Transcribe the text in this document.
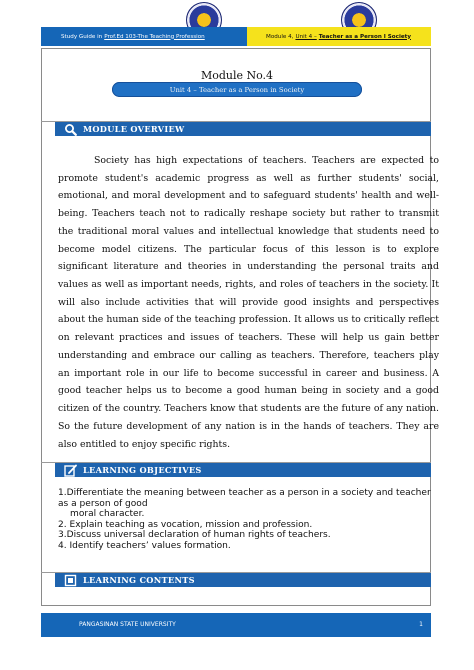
Study Guide in Prof.Ed 103-The Teaching Profession	Module 4, Unit 4 – Teacher as a Person I Society
Module No.4
Unit 4 – Teacher as a Person in Society
MODULE OVERVIEW

Society has high expectations of teachers. Teachers are expected to promote student's academic progress as well as further students' social, emotional, and moral development and to safeguard students' health and well-being. Teachers teach not to radically reshape society but rather to transmit the traditional moral values and intellectual knowledge that students need to become model citizens. The particular focus of this lesson is to explore significant literature and theories in understanding the personal traits and values as well as important needs, rights, and roles of teachers in the society. It will also include activities that will provide good insights and perspectives about the human side of the teaching profession. It allows us to critically reflect on relevant practices and issues of teachers. These will help us gain better understanding and embrace our calling as teachers. Therefore, teachers play an important role in our life to become successful in career and business. A good teacher helps us to become a good human being in society and a good citizen of the country. Teachers know that students are the future of any nation. So the future development of any nation is in the hands of teachers. They are also entitled to enjoy specific rights.

LEARNING OBJECTIVES
1.Differentiate the meaning between teacher as a person in a society and teacher as a person of good
moral character.
2. Explain teaching as vocation, mission and profession.
3.Discuss universal declaration of human rights of teachers.
4. Identify teachers’ values formation.
LEARNING CONTENTS
PANGASINAN STATE UNIVERSITY	1
